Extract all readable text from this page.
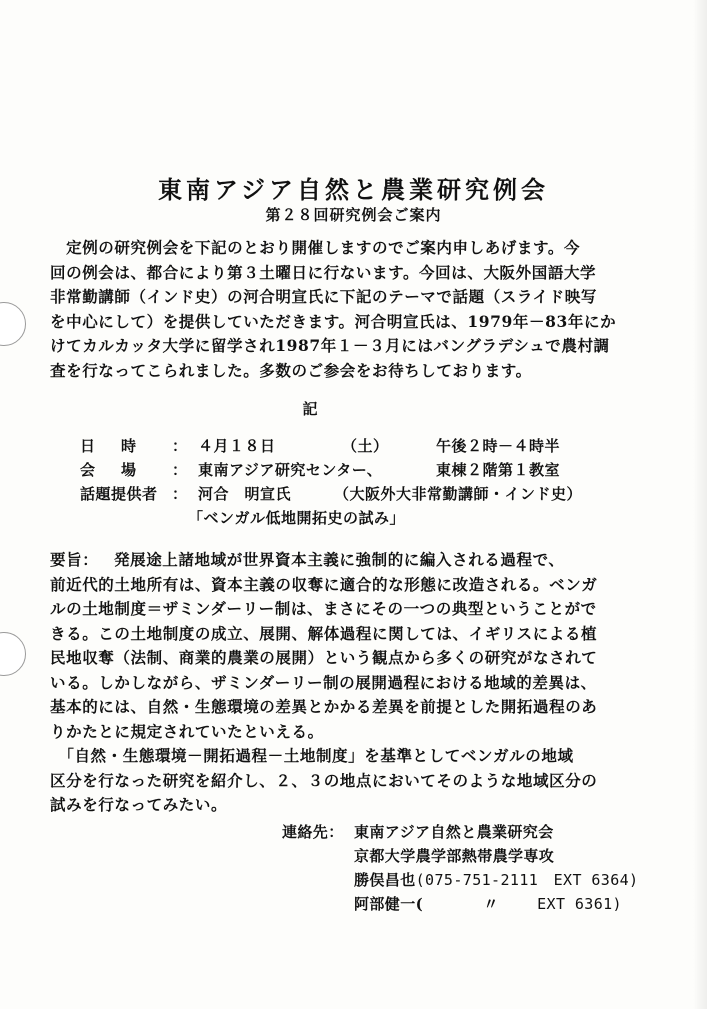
東南アジア自然と農業研究例会
第２８回研究例会ご案内
　定例の研究例会を下記のとおり開催しますのでご案内申しあげます。今
回の例会は、都合により第３土曜日に行ないます。今回は、大阪外国語大学
非常勤講師（インド史）の河合明宣氏に下記のテーマで話題（スライド映写
を中心にして）を提供していただきます。河合明宣氏は、1979年－83年にか
けてカルカッタ大学に留学され1987年１－３月にはバングラデシュで農村調
査を行なってこられました。多数のご参会をお待ちしております。
記
日時 ： ４月１８日	（土）	午後２時－４時半
会場 ： 東南アジア研究センター、	東棟２階第１教室
話題提供者 ： 河合　明宣氏	（大阪外大非常勤講師・インド史）
「ベンガル低地開拓史の試み」
要旨： 発展途上諸地域が世界資本主義に強制的に編入される過程で、
前近代的土地所有は、資本主義の収奪に適合的な形態に改造される。ベンガ
ルの土地制度＝ザミンダーリー制は、まさにその一つの典型ということがで
きる。この土地制度の成立、展開、解体過程に関しては、イギリスによる植
民地収奪（法制、商業的農業の展開）という観点から多くの研究がなされて
いる。しかしながら、ザミンダーリー制の展開過程における地域的差異は、
基本的には、自然・生態環境の差異とかかる差異を前提とした開拓過程のあ
りかたとに規定されていたといえる。
　「自然・生態環境－開拓過程－土地制度」を基準としてベンガルの地域
区分を行なった研究を紹介し、２、３の地点においてそのような地域区分の
試みを行なってみたい。
連絡先： 東南アジア自然と農業研究会
京都大学農学部熱帯農学専攻
勝俣昌也(075-751-2111　EXT 6364)
阿部健一(	〃	EXT 6361)
